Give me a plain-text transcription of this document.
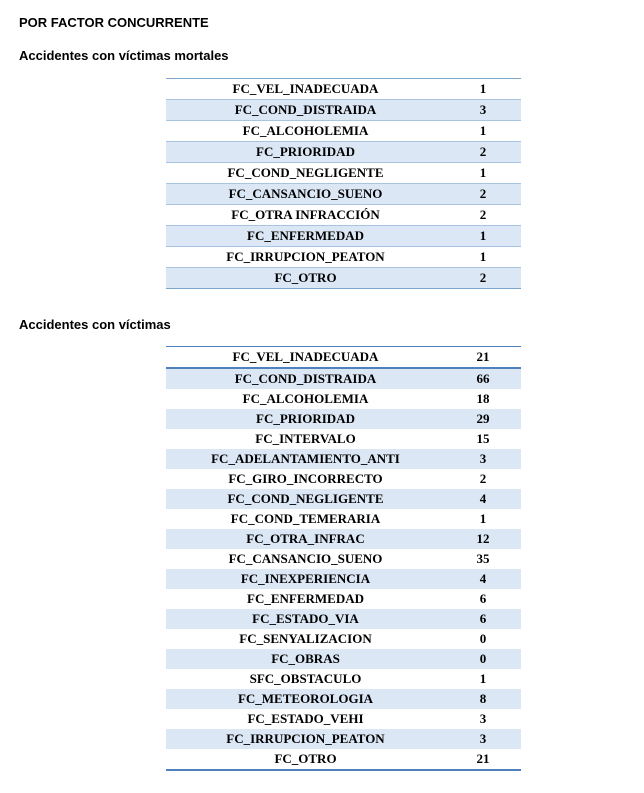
POR FACTOR CONCURRENTE
Accidentes con víctimas mortales
FC_VEL_INADECUADA	1
FC_COND_DISTRAIDA	3
FC_ALCOHOLEMIA	1
FC_PRIORIDAD	2
FC_COND_NEGLIGENTE	1
FC_CANSANCIO_SUENO	2
FC_OTRA INFRACCIÓN	2
FC_ENFERMEDAD	1
FC_IRRUPCION_PEATON	1
FC_OTRO	2
Accidentes con víctimas
FC_VEL_INADECUADA	21
FC_COND_DISTRAIDA	66
FC_ALCOHOLEMIA	18
FC_PRIORIDAD	29
FC_INTERVALO	15
FC_ADELANTAMIENTO_ANTI	3
FC_GIRO_INCORRECTO	2
FC_COND_NEGLIGENTE	4
FC_COND_TEMERARIA	1
FC_OTRA_INFRAC	12
FC_CANSANCIO_SUENO	35
FC_INEXPERIENCIA	4
FC_ENFERMEDAD	6
FC_ESTADO_VIA	6
FC_SENYALIZACION	0
FC_OBRAS	0
SFC_OBSTACULO	1
FC_METEOROLOGIA	8
FC_ESTADO_VEHI	3
FC_IRRUPCION_PEATON	3
FC_OTRO	21
